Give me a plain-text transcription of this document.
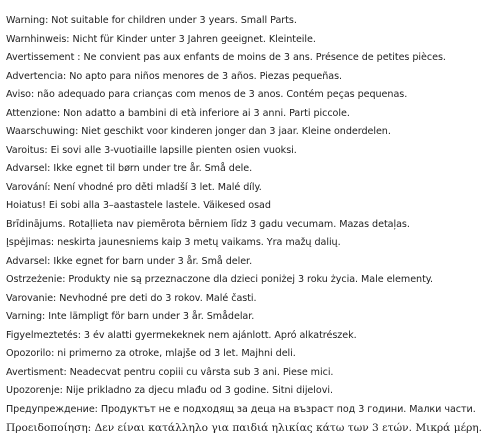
Warning: Not suitable for children under 3 years. Small Parts.
Warnhinweis: Nicht für Kinder unter 3 Jahren geeignet. Kleinteile.
Avertissement : Ne convient pas aux enfants de moins de 3 ans. Présence de petites pièces.
Advertencia: No apto para niños menores de 3 años. Piezas pequeñas.
Aviso: não adequado para crianças com menos de 3 anos. Contém peças pequenas.
Attenzione: Non adatto a bambini di età inferiore ai 3 anni. Parti piccole.
Waarschuwing: Niet geschikt voor kinderen jonger dan 3 jaar. Kleine onderdelen.
Varoitus: Ei sovi alle 3-vuotiaille lapsille pienten osien vuoksi.
Advarsel: Ikke egnet til børn under tre år. Små dele.
Varování: Není vhodné pro děti mladší 3 let. Malé díly.
Hoiatus! Ei sobi alla 3–aastastele lastele. Väikesed osad
Brīdinājums. Rotaļlieta nav piemērota bērniem līdz 3 gadu vecumam. Mazas detaļas.
Įspėjimas: neskirta jaunesniems kaip 3 metų vaikams. Yra mažų dalių.
Advarsel: Ikke egnet for barn under 3 år. Små deler.
Ostrzeżenie: Produkty nie są przeznaczone dla dzieci poniżej 3 roku życia. Male elementy.
Varovanie: Nevhodné pre deti do 3 rokov. Malé časti.
Varning: Inte lämpligt för barn under 3 år. Smådelar.
Figyelmeztetés: 3 év alatti gyermekeknek nem ajánlott. Apró alkatrészek.
Opozorilo: ni primerno za otroke, mlajše od 3 let. Majhni deli.
Avertisment: Neadecvat pentru copiii cu vârsta sub 3 ani. Piese mici.
Upozorenje: Nije prikladno za djecu mlađu od 3 godine. Sitni dijelovi.
Предупреждение: Продуктът не е подходящ за деца на възраст под 3 години. Малки части.
Προειδοποίηση: Δεν είναι κατάλληλο για παιδιά ηλικίας κάτω των 3 ετών. Μικρά μέρη.
